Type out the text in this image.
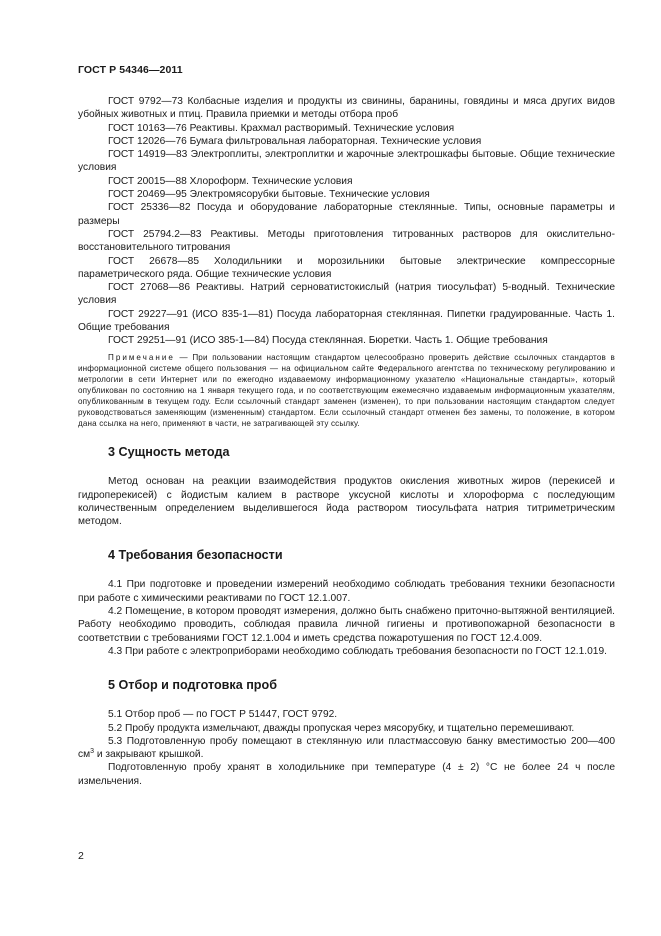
ГОСТ Р 54346—2011

ГОСТ 9792—73 Колбасные изделия и продукты из свинины, баранины, говядины и мяса других видов убойных животных и птиц. Правила приемки и методы отбора проб

ГОСТ 10163—76 Реактивы. Крахмал растворимый. Технические условия

ГОСТ 12026—76 Бумага фильтровальная лабораторная. Технические условия

ГОСТ 14919—83 Электроплиты, электроплитки и жарочные электрошкафы бытовые. Общие технические условия

ГОСТ 20015—88 Хлороформ. Технические условия

ГОСТ 20469—95 Электромясорубки бытовые. Технические условия

ГОСТ 25336—82 Посуда и оборудование лабораторные стеклянные. Типы, основные параметры и размеры

ГОСТ 25794.2—83 Реактивы. Методы приготовления титрованных растворов для окислительно-восстановительного титрования

ГОСТ 26678—85 Холодильники и морозильники бытовые электрические компрессорные параметрического ряда. Общие технические условия

ГОСТ 27068—86 Реактивы. Натрий серноватистокислый (натрия тиосульфат) 5-водный. Технические условия

ГОСТ 29227—91 (ИСО 835-1—81) Посуда лабораторная стеклянная. Пипетки градуированные. Часть 1. Общие требования

ГОСТ 29251—91 (ИСО 385-1—84) Посуда стеклянная. Бюретки. Часть 1. Общие требования

Примечание — При пользовании настоящим стандартом целесообразно проверить действие ссылочных стандартов в информационной системе общего пользования — на официальном сайте Федерального агентства по техническому регулированию и метрологии в сети Интернет или по ежегодно издаваемому информационному указателю «Национальные стандарты», который опубликован по состоянию на 1 января текущего года, и по соответствующим ежемесячно издаваемым информационным указателям, опубликованным в текущем году. Если ссылочный стандарт заменен (изменен), то при пользовании настоящим стандартом следует руководствоваться заменяющим (измененным) стандартом. Если ссылочный стандарт отменен без замены, то положение, в котором дана ссылка на него, применяют в части, не затрагивающей эту ссылку.

3 Сущность метода

Метод основан на реакции взаимодействия продуктов окисления животных жиров (перекисей и гидроперекисей) с йодистым калием в растворе уксусной кислоты и хлороформа с последующим количественным определением выделившегося йода раствором тиосульфата натрия титриметрическим методом.

4 Требования безопасности

4.1 При подготовке и проведении измерений необходимо соблюдать требования техники безопасности при работе с химическими реактивами по ГОСТ 12.1.007.

4.2 Помещение, в котором проводят измерения, должно быть снабжено приточно-вытяжной вентиляцией. Работу необходимо проводить, соблюдая правила личной гигиены и противопожарной безопасности в соответствии с требованиями ГОСТ 12.1.004 и иметь средства пожаротушения по ГОСТ 12.4.009.

4.3 При работе с электроприборами необходимо соблюдать требования безопасности по ГОСТ 12.1.019.

5 Отбор и подготовка проб

5.1 Отбор проб — по ГОСТ Р 51447, ГОСТ 9792.

5.2 Пробу продукта измельчают, дважды пропуская через мясорубку, и тщательно перемешивают.

5.3 Подготовленную пробу помещают в стеклянную или пластмассовую банку вместимостью 200—400 $см^3$ и закрывают крышкой.

Подготовленную пробу хранят в холодильнике при температуре (4 ± 2) °С не более 24 ч после измельчения.

2
